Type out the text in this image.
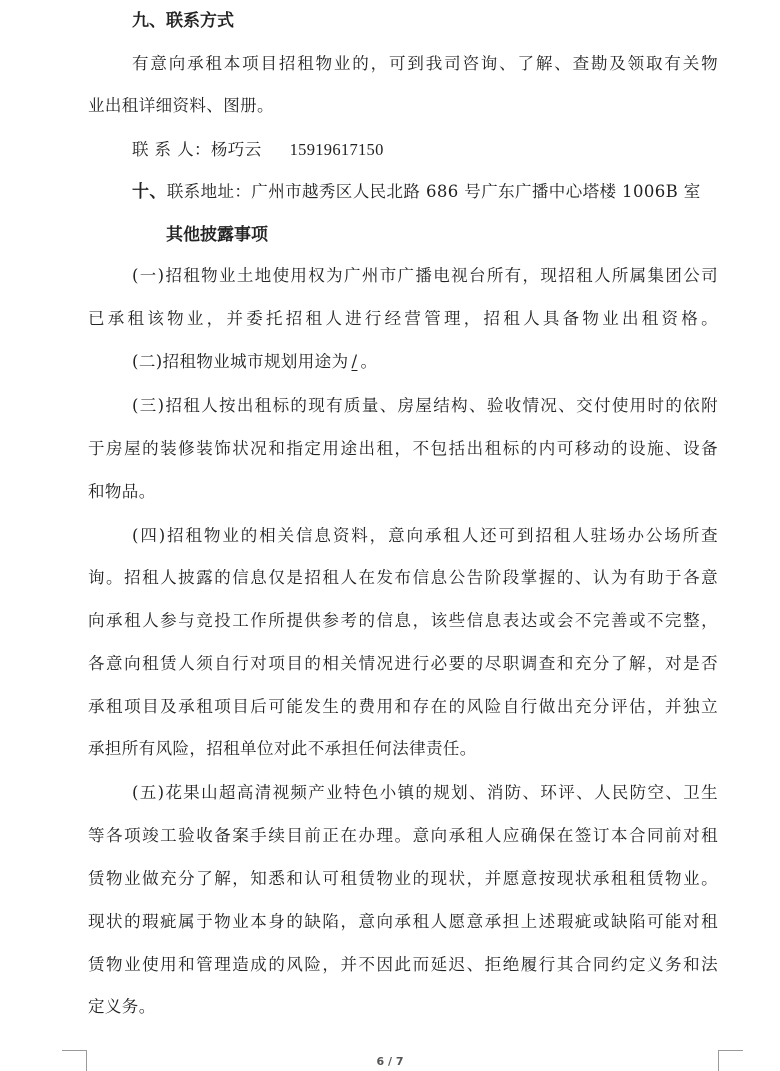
九、联系方式
有意向承租本项目招租物业的，可到我司咨询、了解、查勘及领取有关物
业出租详细资料、图册。
联 系 人：杨巧云 15919617150
十、联系地址：广州市越秀区人民北路 686 号广东广播中心塔楼 1006B 室
其他披露事项
(一)招租物业土地使用权为广州市广播电视台所有，现招租人所属集团公司
已承租该物业，并委托招租人进行经营管理，招租人具备物业出租资格。
(二)招租物业城市规划用途为 / 。
(三)招租人按出租标的现有质量、房屋结构、验收情况、交付使用时的依附
于房屋的装修装饰状况和指定用途出租，不包括出租标的内可移动的设施、设备
和物品。
(四)招租物业的相关信息资料，意向承租人还可到招租人驻场办公场所查
询。招租人披露的信息仅是招租人在发布信息公告阶段掌握的、认为有助于各意
向承租人参与竞投工作所提供参考的信息，该些信息表达或会不完善或不完整，
各意向租赁人须自行对项目的相关情况进行必要的尽职调查和充分了解，对是否
承租项目及承租项目后可能发生的费用和存在的风险自行做出充分评估，并独立
承担所有风险，招租单位对此不承担任何法律责任。
(五)花果山超高清视频产业特色小镇的规划、消防、环评、人民防空、卫生
等各项竣工验收备案手续目前正在办理。意向承租人应确保在签订本合同前对租
赁物业做充分了解，知悉和认可租赁物业的现状，并愿意按现状承租租赁物业。
现状的瑕疵属于物业本身的缺陷，意向承租人愿意承担上述瑕疵或缺陷可能对租
赁物业使用和管理造成的风险，并不因此而延迟、拒绝履行其合同约定义务和法
定义务。
6 / 7
